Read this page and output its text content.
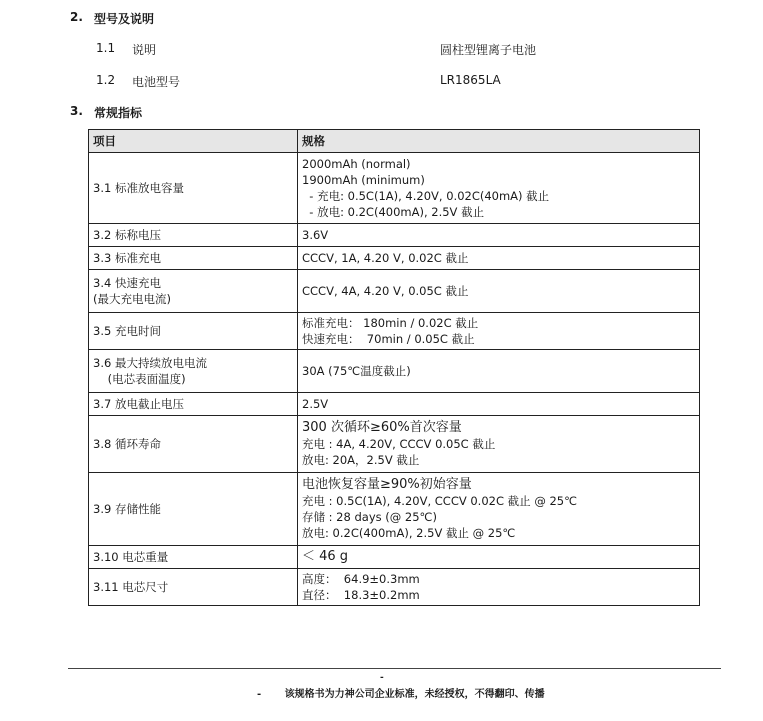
2. 型号及说明
1.1 说明	圆柱型锂离子电池
1.2 电池型号	LR1865LA
3. 常规指标
项目	规格

3.1 标准放电容量	2000mAh (normal)
1900mAh (minimum)
- 充电: 0.5C(1A), 4.20V, 0.02C(40mA) 截止
- 放电: 0.2C(400mA), 2.5V 截止

3.2 标称电压	3.6V

3.3 标准充电	CCCV, 1A, 4.20 V, 0.02C 截止

3.4 快速充电
(最大充电电流)	CCCV, 4A, 4.20 V, 0.05C 截止

3.5 充电时间	标准充电： 180min / 0.02C 截止
快速充电：  70min / 0.05C 截止

3.6 最大持续放电电流
(电芯表面温度)	30A (75℃温度截止)

3.7 放电截止电压	2.5V

3.8 循环寿命	300 次循环≥60%首次容量
充电 : 4A, 4.20V, CCCV 0.05C 截止
放电: 20A，2.5V 截止

3.9 存储性能	电池恢复容量≥90%初始容量
充电 : 0.5C(1A), 4.20V, CCCV 0.02C 截止 @ 25℃
存储 : 28 days (@ 25℃)
放电: 0.2C(400mA), 2.5V 截止 @ 25℃

3.10 电芯重量	＜ 46 g

3.11 电芯尺寸	高度：  64.9±0.3mm
直径：  18.3±0.2mm
-
- 该规格书为力神公司企业标准，未经授权，不得翻印、传播
